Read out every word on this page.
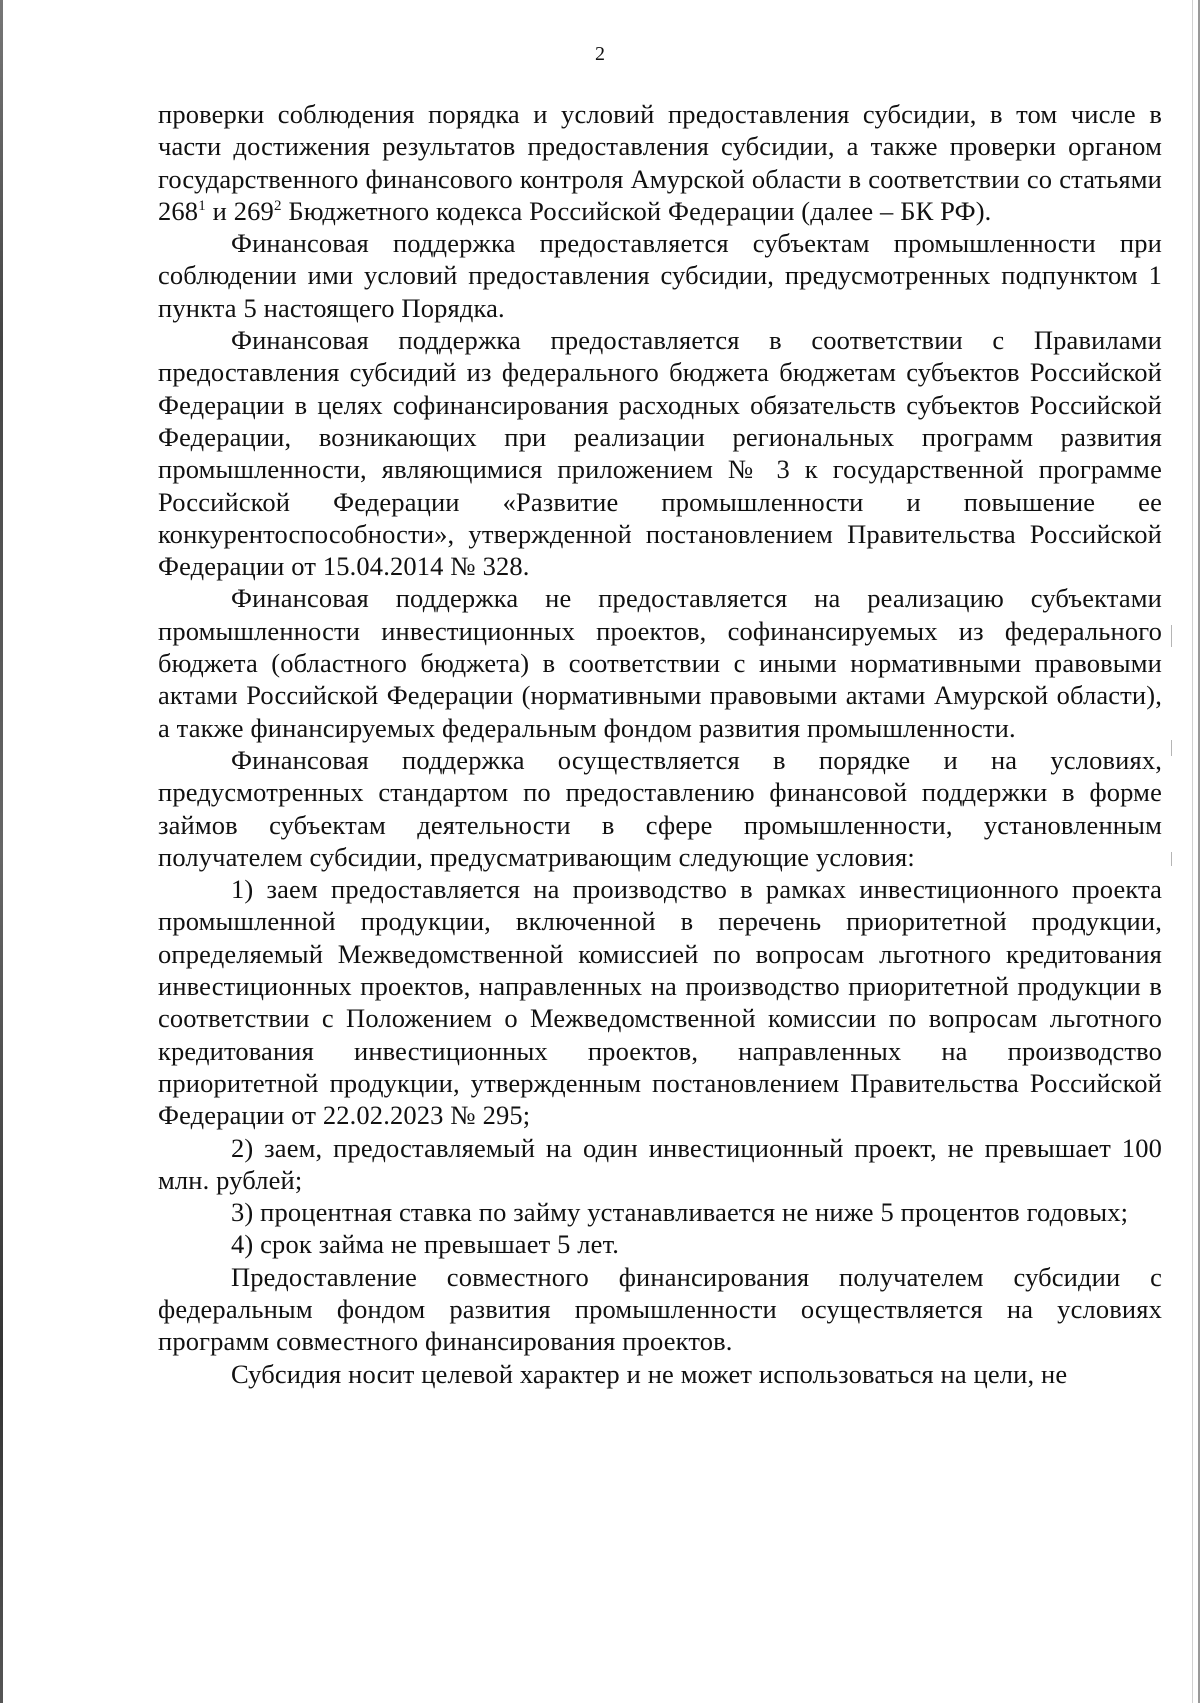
2

проверки соблюдения порядка и условий предоставления субсидии, в том числе в части достижения результатов предоставления субсидии, а также проверки органом государственного финансового контроля Амурской области в соответствии со статьями $268^1$ и $269^2$ Бюджетного кодекса Российской Федерации (далее – БК РФ).

Финансовая поддержка предоставляется субъектам промышленности при соблюдении ими условий предоставления субсидии, предусмотренных подпунктом 1 пункта 5 настоящего Порядка.

Финансовая поддержка предоставляется в соответствии с Правилами предоставления субсидий из федерального бюджета бюджетам субъектов Российской Федерации в целях софинансирования расходных обязательств субъектов Российской Федерации, возникающих при реализации региональных программ развития промышленности, являющимися приложением № 3 к государственной программе Российской Федерации «Развитие промышленности и повышение ее конкурентоспособности», утвержденной постановлением Правительства Российской Федерации от 15.04.2014 № 328.

Финансовая поддержка не предоставляется на реализацию субъектами промышленности инвестиционных проектов, софинансируемых из федерального бюджета (областного бюджета) в соответствии с иными нормативными правовыми актами Российской Федерации (нормативными правовыми актами Амурской области), а также финансируемых федеральным фондом развития промышленности.

Финансовая поддержка осуществляется в порядке и на условиях, предусмотренных стандартом по предоставлению финансовой поддержки в форме займов субъектам деятельности в сфере промышленности, установленным получателем субсидии, предусматривающим следующие условия:

1) заем предоставляется на производство в рамках инвестиционного проекта промышленной продукции, включенной в перечень приоритетной продукции, определяемый Межведомственной комиссией по вопросам льготного кредитования инвестиционных проектов, направленных на производство приоритетной продукции в соответствии с Положением о Межведомственной комиссии по вопросам льготного кредитования инвестиционных проектов, направленных на производство приоритетной продукции, утвержденным постановлением Правительства Российской Федерации от 22.02.2023 № 295;

2) заем, предоставляемый на один инвестиционный проект, не превышает 100 млн. рублей;

3) процентная ставка по займу устанавливается не ниже 5 процентов годовых;

4) срок займа не превышает 5 лет.

Предоставление совместного финансирования получателем субсидии с федеральным фондом развития промышленности осуществляется на условиях программ совместного финансирования проектов.

Субсидия носит целевой характер и не может использоваться на цели, не
